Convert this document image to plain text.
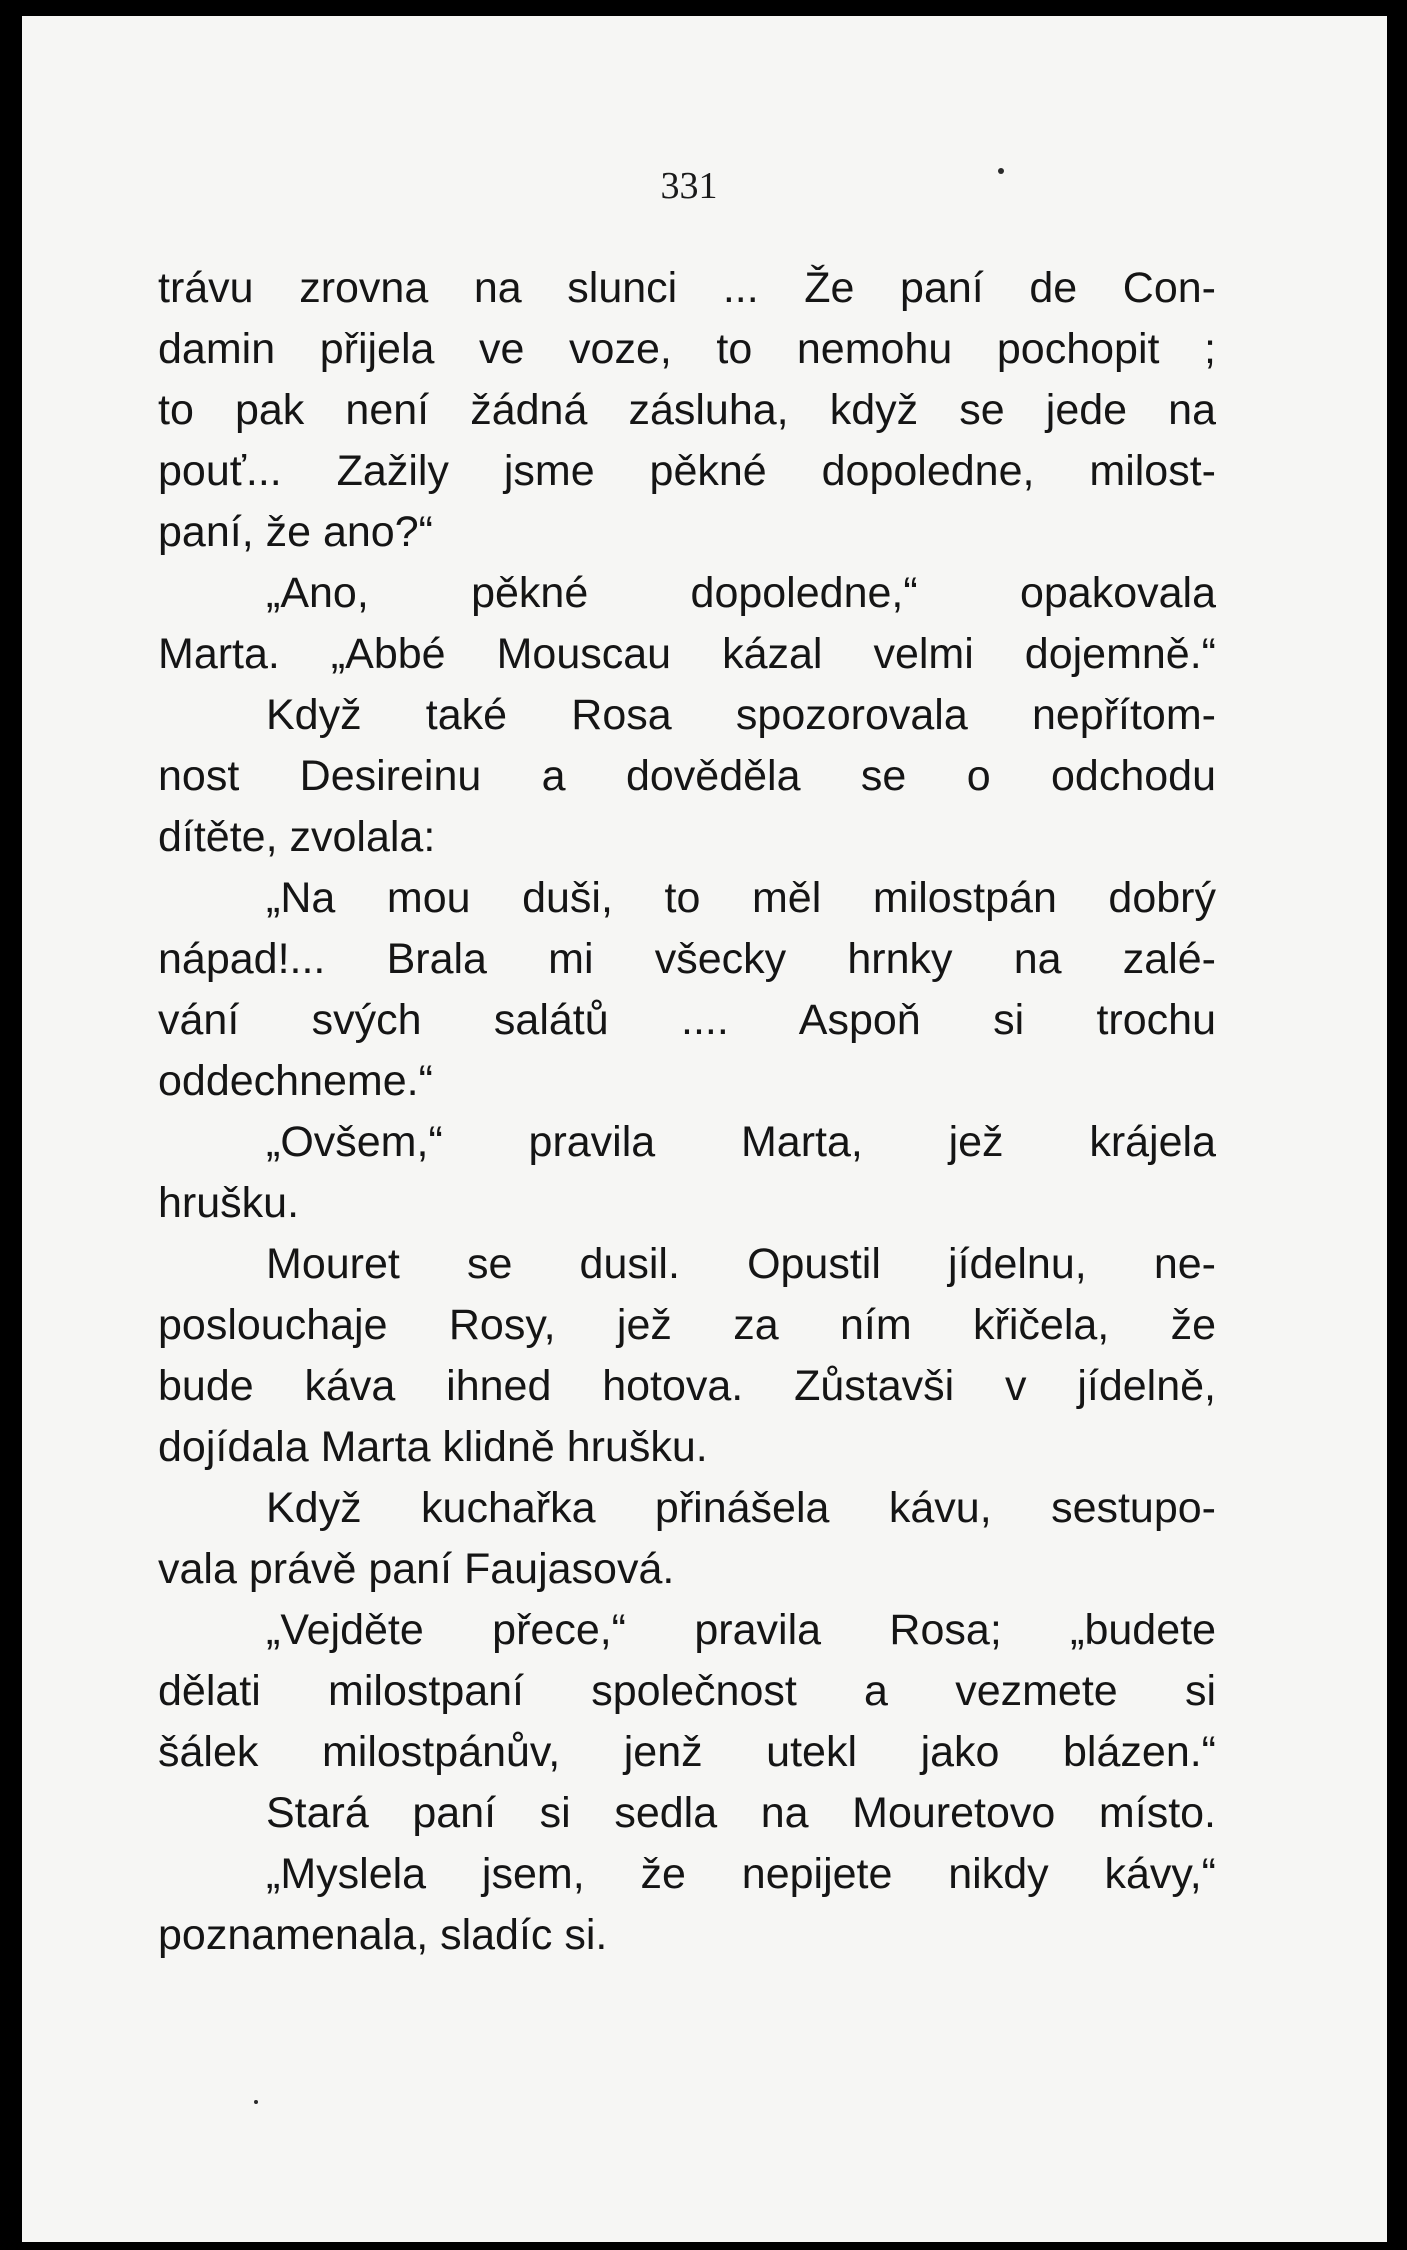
331
trávu zrovna na slunci ... Že paní de Con-
damin přijela ve voze, to nemohu pochopit ;
to pak není žádná zásluha, když se jede na
pouť... Zažily jsme pěkné dopoledne, milost-
paní, že ano?“
„Ano, pěkné dopoledne,“ opakovala
Marta. „Abbé Mouscau kázal velmi dojemně.“
Když také Rosa spozorovala nepřítom-
nost Desireinu a dověděla se o odchodu
dítěte, zvolala:
„Na mou duši, to měl milostpán dobrý
nápad!... Brala mi všecky hrnky na zalé-
vání svých salátů .... Aspoň si trochu
oddechneme.“
„Ovšem,“ pravila Marta, jež krájela
hrušku.
Mouret se dusil. Opustil jídelnu, ne-
poslouchaje Rosy, jež za ním křičela, že
bude káva ihned hotova. Zůstavši v jídelně,
dojídala Marta klidně hrušku.
Když kuchařka přinášela kávu, sestupo-
vala právě paní Faujasová.
„Vejděte přece,“ pravila Rosa; „budete
dělati milostpaní společnost a vezmete si
šálek milostpánův, jenž utekl jako blázen.“
Stará paní si sedla na Mouretovo místo.
„Myslela jsem, že nepijete nikdy kávy,“
poznamenala, sladíc si.
